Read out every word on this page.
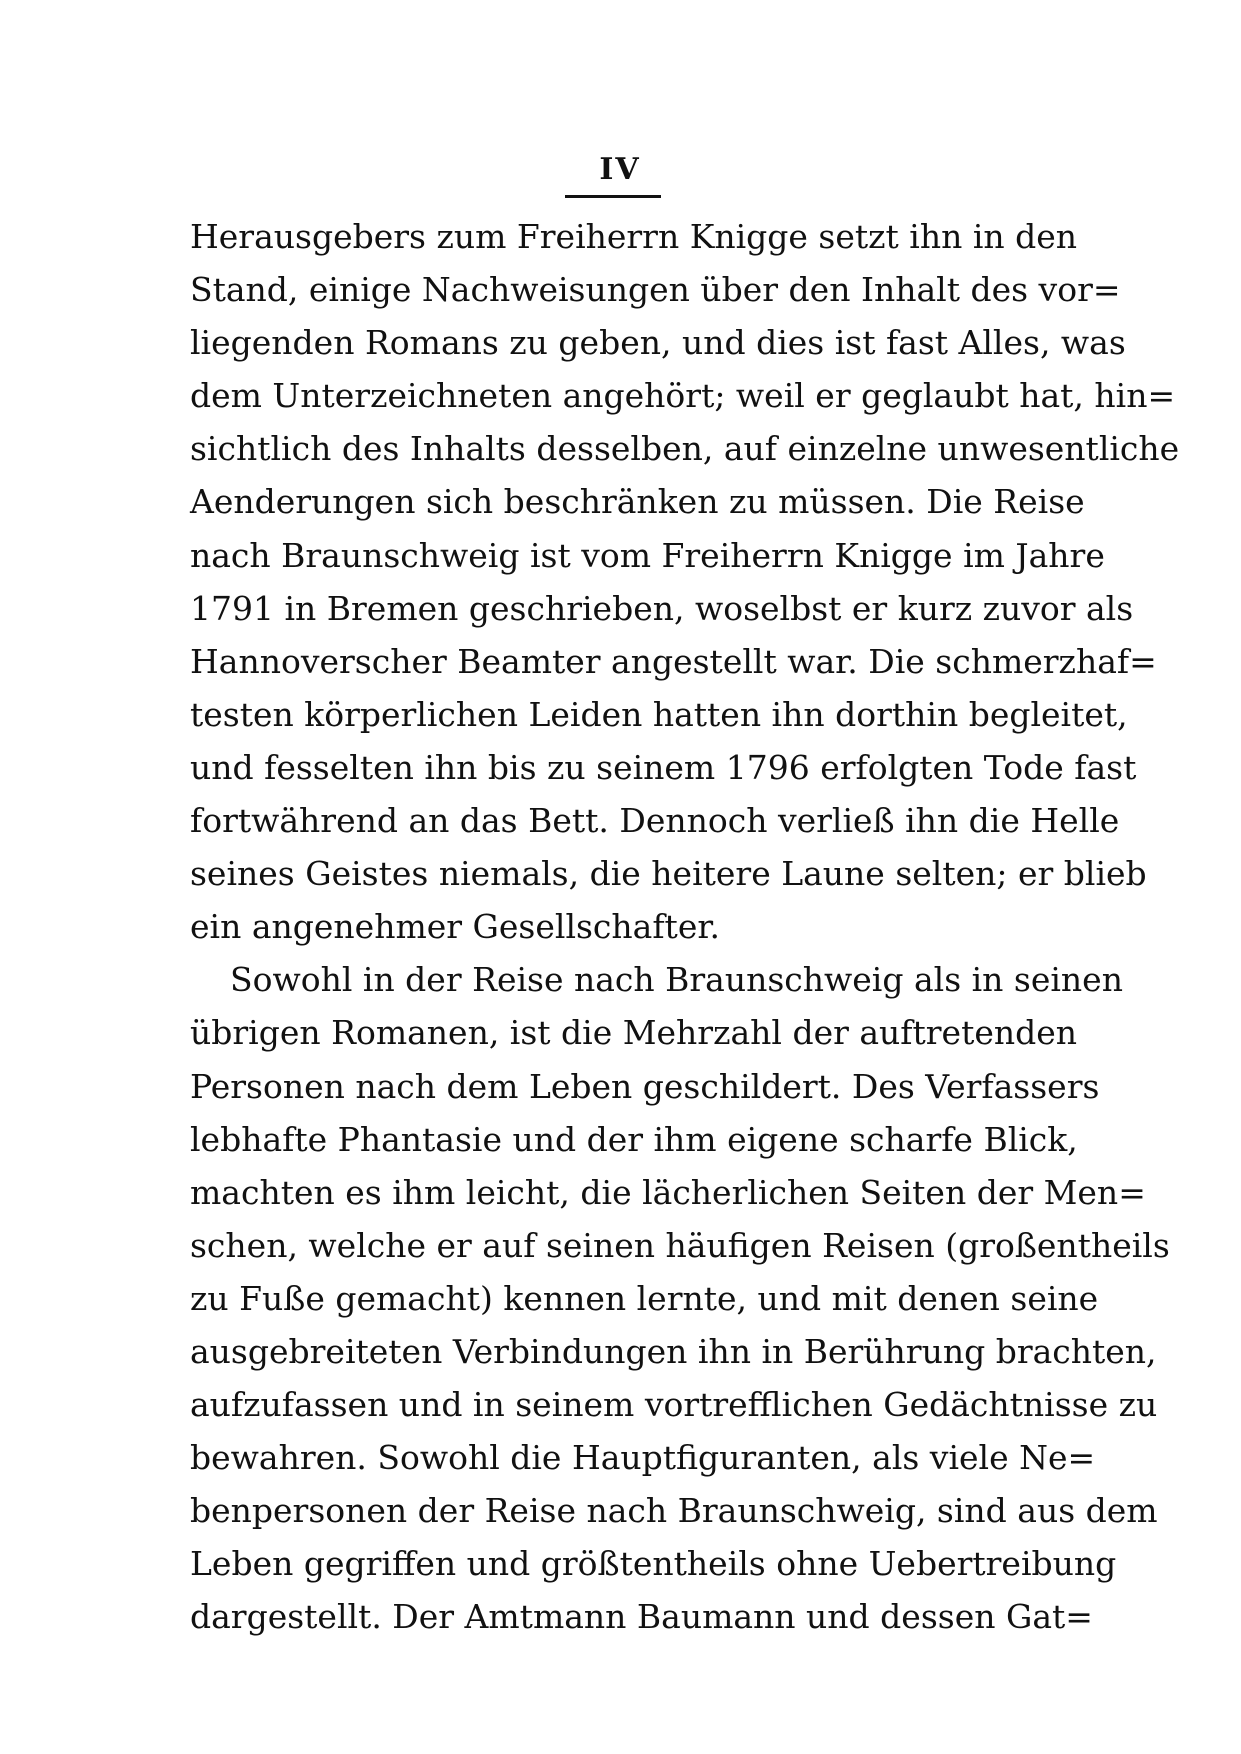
IV
Herausgebers zum Freiherrn Knigge setzt ihn in den
Stand, einige Nachweisungen über den Inhalt des vor=
liegenden Romans zu geben, und dies ist fast Alles, was
dem Unterzeichneten angehört; weil er geglaubt hat, hin=
sichtlich des Inhalts desselben, auf einzelne unwesentliche
Aenderungen sich beschränken zu müssen. Die Reise
nach Braunschweig ist vom Freiherrn Knigge im Jahre
1791 in Bremen geschrieben, woselbst er kurz zuvor als
Hannoverscher Beamter angestellt war. Die schmerzhaf=
testen körperlichen Leiden hatten ihn dorthin begleitet,
und fesselten ihn bis zu seinem 1796 erfolgten Tode fast
fortwährend an das Bett. Dennoch verließ ihn die Helle
seines Geistes niemals, die heitere Laune selten; er blieb
ein angenehmer Gesellschafter.
Sowohl in der Reise nach Braunschweig als in seinen
übrigen Romanen, ist die Mehrzahl der auftretenden
Personen nach dem Leben geschildert. Des Verfassers
lebhafte Phantasie und der ihm eigene scharfe Blick,
machten es ihm leicht, die lächerlichen Seiten der Men=
schen, welche er auf seinen häufigen Reisen (großentheils
zu Fuße gemacht) kennen lernte, und mit denen seine
ausgebreiteten Verbindungen ihn in Berührung brachten,
aufzufassen und in seinem vortrefflichen Gedächtnisse zu
bewahren. Sowohl die Hauptfiguranten, als viele Ne=
benpersonen der Reise nach Braunschweig, sind aus dem
Leben gegriffen und größtentheils ohne Uebertreibung
dargestellt. Der Amtmann Baumann und dessen Gat=
